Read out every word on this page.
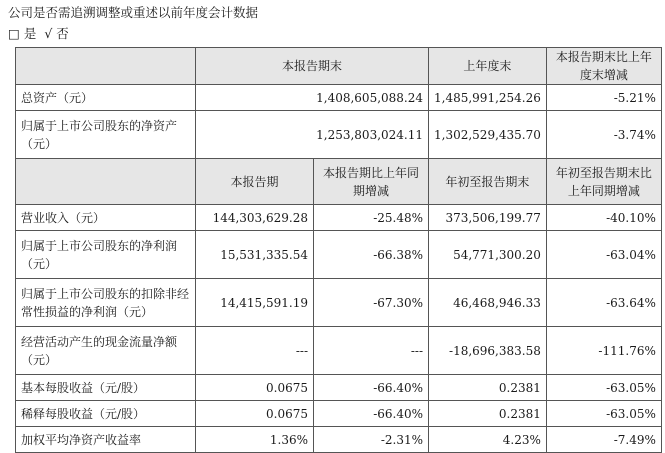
公司是否需追溯调整或重述以前年度会计数据
□ 是 √ 否
	本报告期末		上年度末	本报告期末比上年度末增减
总资产（元）	1,408,605,088.24		1,485,991,254.26	-5.21%
归属于上市公司股东的净资产（元）	1,253,803,024.11		1,302,529,435.70	-3.74%
	本报告期	本报告期比上年同期增减	年初至报告期末	年初至报告期末比上年同期增减
营业收入（元）	144,303,629.28	-25.48%	373,506,199.77	-40.10%
归属于上市公司股东的净利润（元）	15,531,335.54	-66.38%	54,771,300.20	-63.04%
归属于上市公司股东的扣除非经常性损益的净利润（元）	14,415,591.19	-67.30%	46,468,946.33	-63.64%
经营活动产生的现金流量净额（元）	---	---	-18,696,383.58	-111.76%
基本每股收益（元/股）	0.0675	-66.40%	0.2381	-63.05%
稀释每股收益（元/股）	0.0675	-66.40%	0.2381	-63.05%
加权平均净资产收益率	1.36%	-2.31%	4.23%	-7.49%
